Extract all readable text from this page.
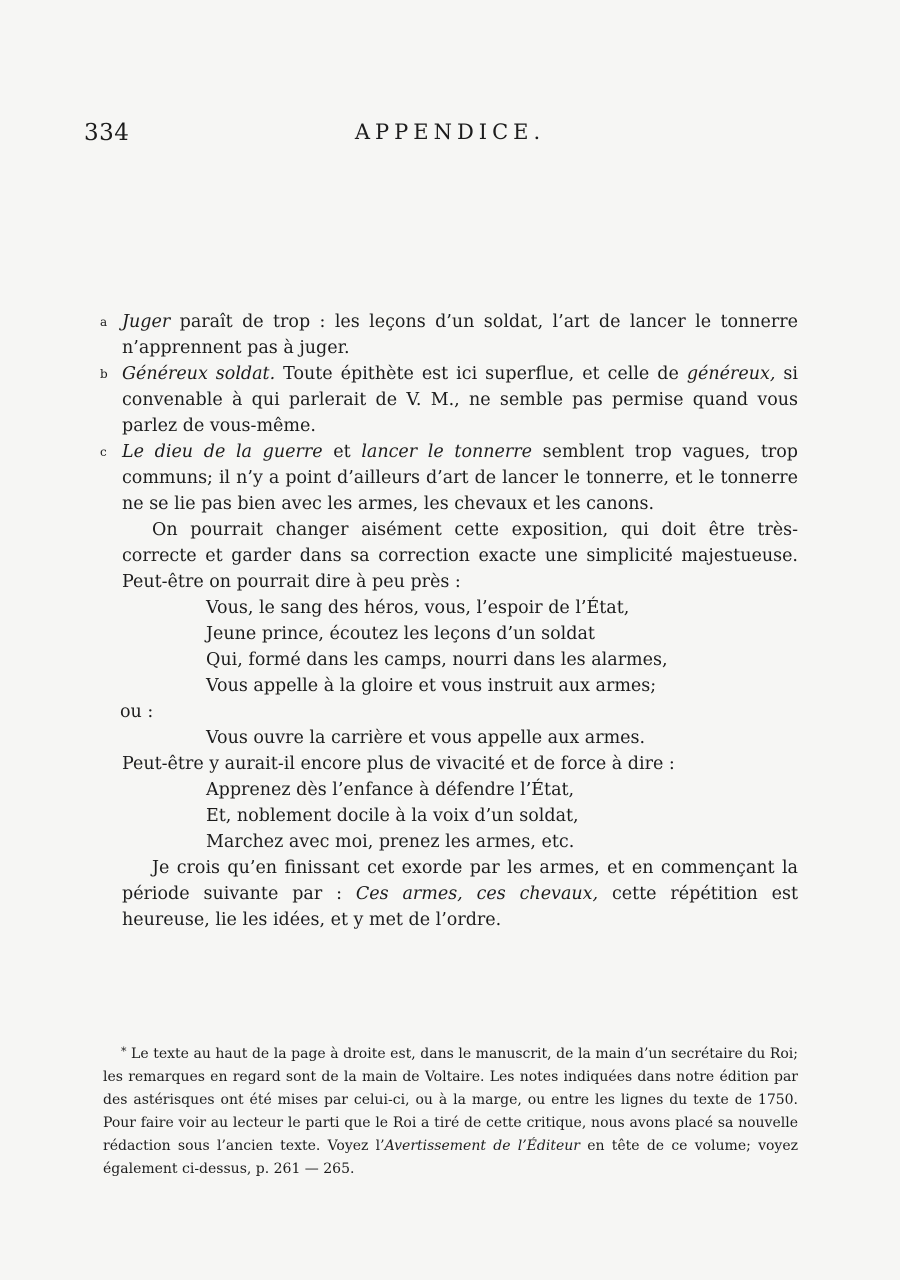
334	APPENDICE.

a Juger paraît de trop : les leçons d’un soldat, l’art de lancer le tonnerre n’apprennent pas à juger.

b Généreux soldat. Toute épithète est ici superflue, et celle de généreux, si convenable à qui parlerait de V. M., ne semble pas permise quand vous parlez de vous-même.

c Le dieu de la guerre et lancer le tonnerre semblent trop vagues, trop communs; il n’y a point d’ailleurs d’art de lancer le tonnerre, et le tonnerre ne se lie pas bien avec les armes, les chevaux et les canons.

On pourrait changer aisément cette exposition, qui doit être très-correcte et garder dans sa correction exacte une simplicité majestueuse. Peut-être on pourrait dire à peu près :

Vous, le sang des héros, vous, l’espoir de l’État,

Jeune prince, écoutez les leçons d’un soldat

Qui, formé dans les camps, nourri dans les alarmes,

Vous appelle à la gloire et vous instruit aux armes;

ou :

Vous ouvre la carrière et vous appelle aux armes.

Peut-être y aurait-il encore plus de vivacité et de force à dire :

Apprenez dès l’enfance à défendre l’État,

Et, noblement docile à la voix d’un soldat,

Marchez avec moi, prenez les armes, etc.

Je crois qu’en finissant cet exorde par les armes, et en commençant la période suivante par : Ces armes, ces chevaux, cette répétition est heureuse, lie les idées, et y met de l’ordre.

* Le texte au haut de la page à droite est, dans le manuscrit, de la main d’un secrétaire du Roi; les remarques en regard sont de la main de Voltaire. Les notes indiquées dans notre édition par des astérisques ont été mises par celui-ci, ou à la marge, ou entre les lignes du texte de 1750. Pour faire voir au lecteur le parti que le Roi a tiré de cette critique, nous avons placé sa nouvelle rédaction sous l’ancien texte. Voyez l’Avertissement de l’Éditeur en tête de ce volume; voyez également ci-dessus, p. 261 — 265.
